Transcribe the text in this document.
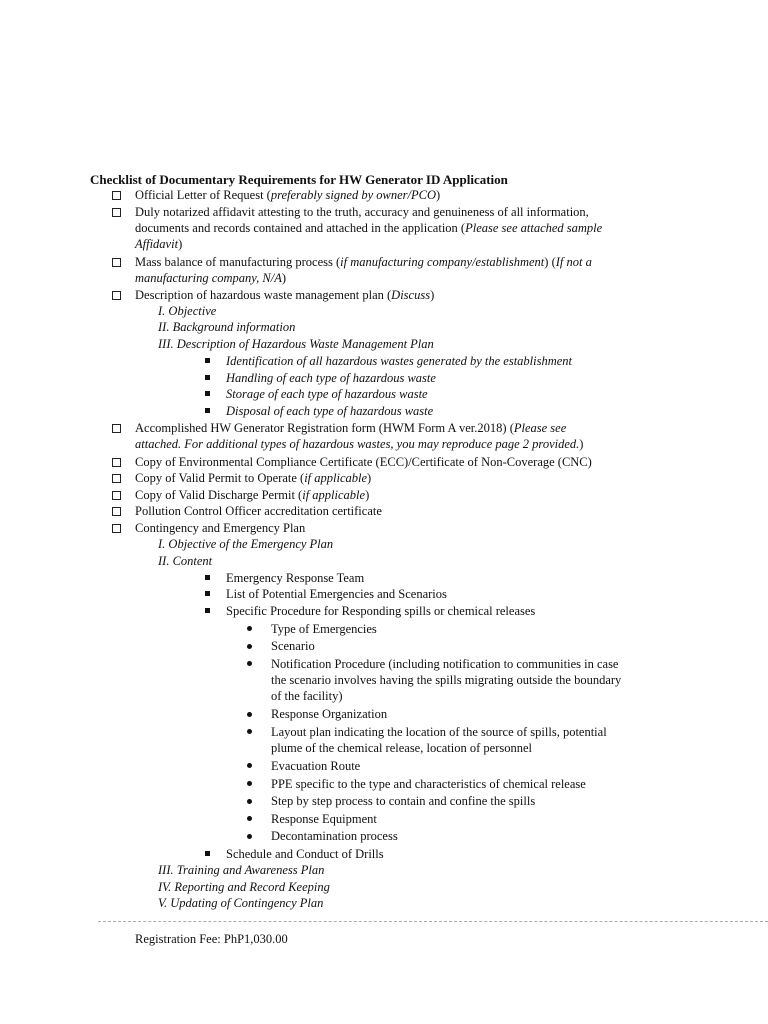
Checklist of Documentary Requirements for HW Generator ID Application
Official Letter of Request (preferably signed by owner/PCO)
Duly notarized affidavit attesting to the truth, accuracy and genuineness of all information,
documents and records contained and attached in the application (Please see attached sample
Affidavit)
Mass balance of manufacturing process (if manufacturing company/establishment) (If not a
manufacturing company, N/A)
Description of hazardous waste management plan (Discuss)
I. Objective
II. Background information
III. Description of Hazardous Waste Management Plan
Identification of all hazardous wastes generated by the establishment
Handling of each type of hazardous waste
Storage of each type of hazardous waste
Disposal of each type of hazardous waste
Accomplished HW Generator Registration form (HWM Form A ver.2018) (Please see
attached. For additional types of hazardous wastes, you may reproduce page 2 provided.)
Copy of Environmental Compliance Certificate (ECC)/Certificate of Non-Coverage (CNC)
Copy of Valid Permit to Operate (if applicable)
Copy of Valid Discharge Permit (if applicable)
Pollution Control Officer accreditation certificate
Contingency and Emergency Plan
I. Objective of the Emergency Plan
II. Content
Emergency Response Team
List of Potential Emergencies and Scenarios
Specific Procedure for Responding spills or chemical releases
Type of Emergencies
Scenario
Notification Procedure (including notification to communities in case
the scenario involves having the spills migrating outside the boundary
of the facility)
Response Organization
Layout plan indicating the location of the source of spills, potential
plume of the chemical release, location of personnel
Evacuation Route
PPE specific to the type and characteristics of chemical release
Step by step process to contain and confine the spills
Response Equipment
Decontamination process
Schedule and Conduct of Drills
III. Training and Awareness Plan
IV. Reporting and Record Keeping
V. Updating of Contingency Plan
Registration Fee: PhP1,030.00
